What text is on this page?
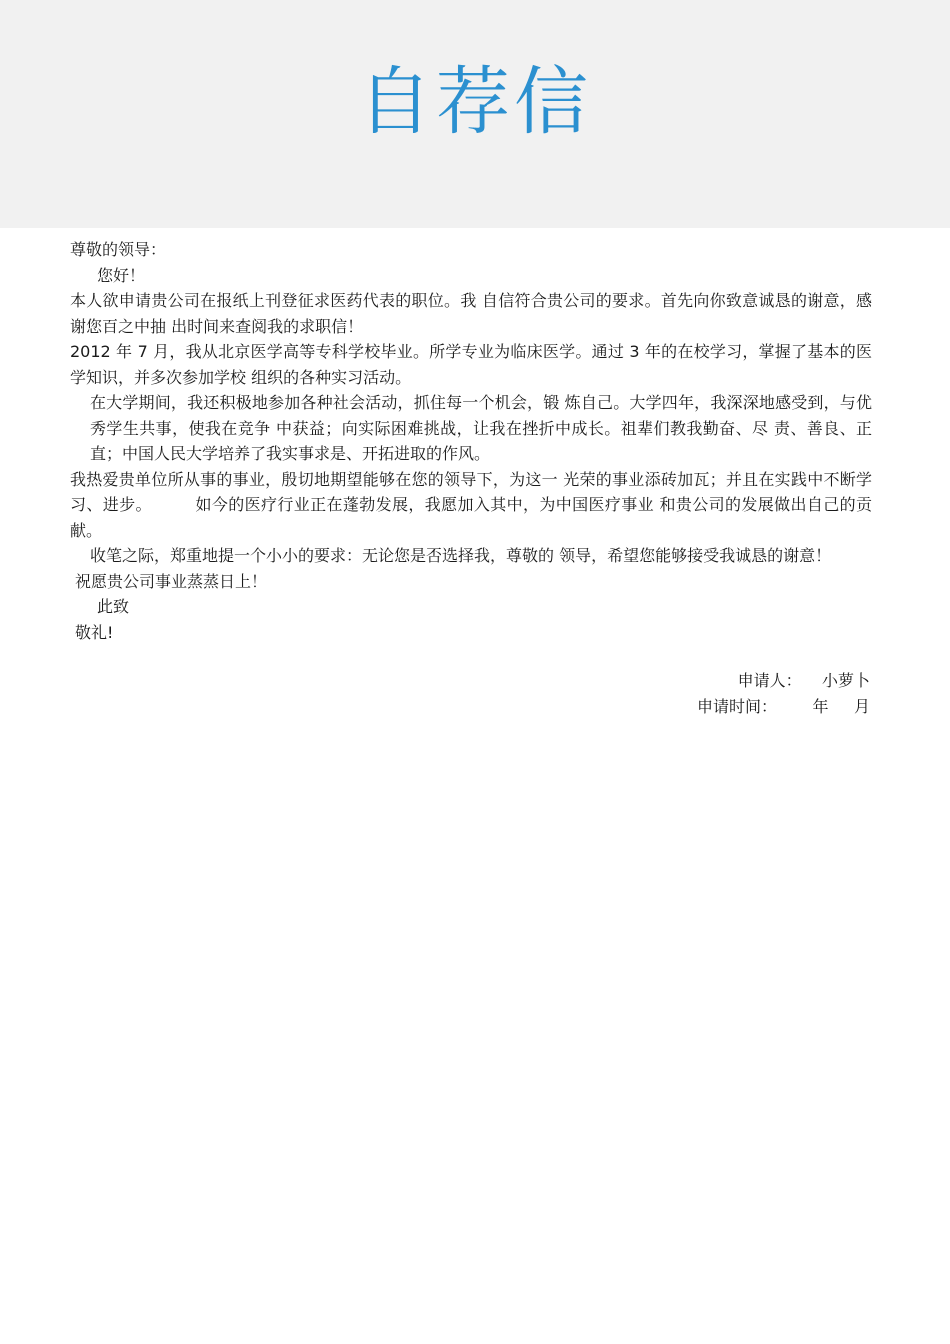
自荐信

尊敬的领导：

您好！

本人欲申请贵公司在报纸上刊登征求医药代表的职位。我 自信符合贵公司的要求。首先向你致意诚恳的谢意，感谢您百之中抽 出时间来查阅我的求职信！

2012 年 7 月，我从北京医学高等专科学校毕业。所学专业为临床医学。通过 3 年的在校学习，掌握了基本的医学知识，并多次参加学校 组织的各种实习活动。

在大学期间，我还积极地参加各种社会活动，抓住每一个机会，锻 炼自己。大学四年，我深深地感受到，与优秀学生共事，使我在竞争 中获益；向实际困难挑战，让我在挫折中成长。祖辈们教我勤奋、尽 责、善良、正直；中国人民大学培养了我实事求是、开拓进取的作风。

我热爱贵单位所从事的事业，殷切地期望能够在您的领导下，为这一 光荣的事业添砖加瓦；并且在实践中不断学习、进步。        如今的医疗行业正在蓬勃发展，我愿加入其中，为中国医疗事业 和贵公司的发展做出自己的贡献。

收笔之际，郑重地提一个小小的要求：无论您是否选择我，尊敬的 领导，希望您能够接受我诚恳的谢意！

祝愿贵公司事业蒸蒸日上！

此致

敬礼!

申请人：    小萝卜

申请时间：       年     月
